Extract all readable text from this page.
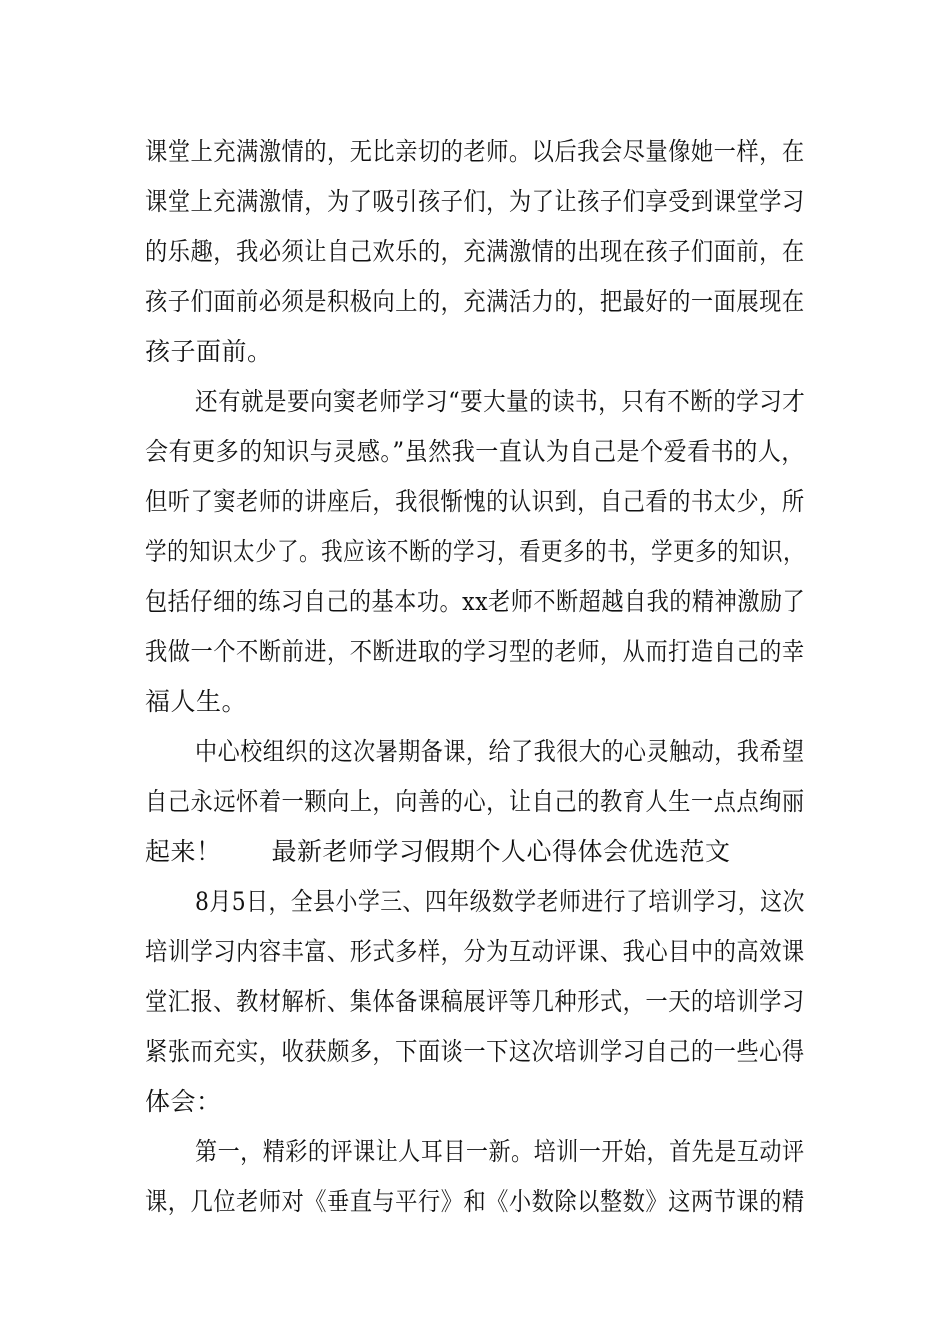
课堂上充满激情的，无比亲切的老师。以后我会尽量像她一样，在
课堂上充满激情，为了吸引孩子们，为了让孩子们享受到课堂学习
的乐趣，我必须让自己欢乐的，充满激情的出现在孩子们面前，在
孩子们面前必须是积极向上的，充满活力的，把最好的一面展现在
孩子面前。
还有就是要向窦老师学习“要大量的读书，只有不断的学习才
会有更多的知识与灵感。”虽然我一直认为自己是个爱看书的人，
但听了窦老师的讲座后，我很惭愧的认识到，自己看的书太少，所
学的知识太少了。我应该不断的学习，看更多的书，学更多的知识，
包括仔细的练习自己的基本功。xx老师不断超越自我的精神激励了
我做一个不断前进，不断进取的学习型的老师，从而打造自己的幸
福人生。
中心校组织的这次暑期备课，给了我很大的心灵触动，我希望
自己永远怀着一颗向上，向善的心，让自己的教育人生一点点绚丽
起来！ 最新老师学习假期个人心得体会优选范文
8月5日，全县小学三、四年级数学老师进行了培训学习，这次
培训学习内容丰富、形式多样，分为互动评课、我心目中的高效课
堂汇报、教材解析、集体备课稿展评等几种形式，一天的培训学习
紧张而充实，收获颇多，下面谈一下这次培训学习自己的一些心得
体会：
第一，精彩的评课让人耳目一新。培训一开始，首先是互动评
课，几位老师对《垂直与平行》和《小数除以整数》这两节课的精
